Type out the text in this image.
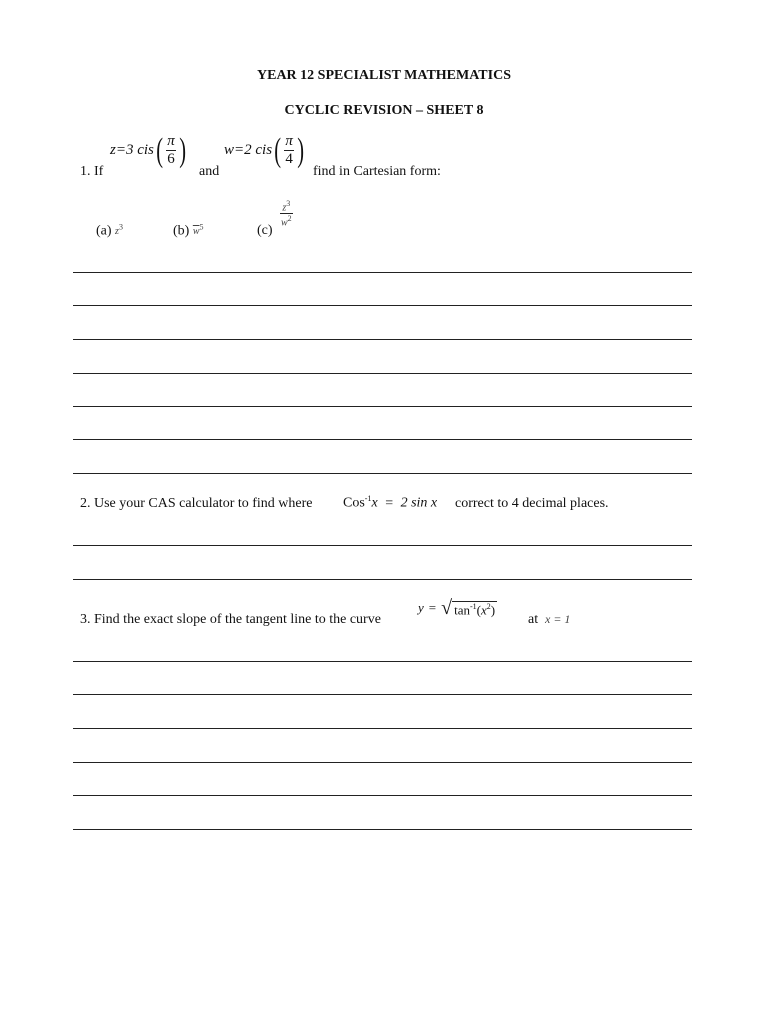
YEAR 12 SPECIALIST MATHEMATICS
CYCLIC REVISION – SHEET 8
1. If
z=3 cis ( $\frac{\pi}{6}$ )
and
w=2 cis ( $\frac{\pi}{4}$ )
find in Cartesian form:
(a) $z^3$	(b) $\overline{w}^5$	(c)
$\frac{z^3}{w^2}$
2. Use your CAS calculator to find where Cos$^{-1}$x = 2 sin x correct to 4 decimal places.
3. Find the exact slope of the tangent line to the curve
y = √ $\tan^{-1}(x^2)$
at x = 1
